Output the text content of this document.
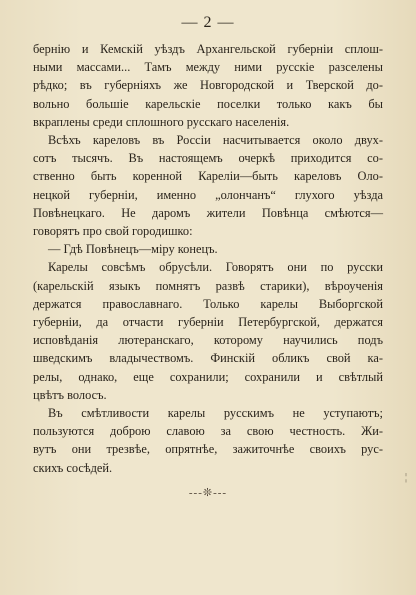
— 2 —
бернію и Кемскій уѣздъ Архангельской губерніи сплош-
ными массами... Тамъ между ними русскіе разселены
рѣдко; въ губерніяхъ же Новгородской и Тверской до-
вольно большіе карельскіе поселки только какъ бы
вкраплены среди сплошного русскаго населенія.
Всѣхъ кареловъ въ Россіи насчитывается около двух-
сотъ тысячъ. Въ настоящемъ очеркѣ приходится со-
ственно быть коренной Кареліи—быть кареловъ Оло-
нецкой губерніи, именно „олончанъ“ глухого уѣзда
Повѣнецкаго. Не даромъ жители Повѣнца смѣются—
говорятъ про свой городишко:
— Гдѣ Повѣнецъ—міру конецъ.
Карелы совсѣмъ обрусѣли. Говорятъ они по русски
(карельскій языкъ помнятъ развѣ старики), вѣроученія
держатся православнаго. Только карелы Выборгской
губерніи, да отчасти губерніи Петербургской, держатся
исповѣданія лютеранскаго, которому научились подъ
шведскимъ владычествомъ. Финскій обликъ свой ка-
релы, однако, еще сохранили; сохранили и свѣтлый
цвѣтъ волосъ.
Въ смѣтливости карелы русскимъ не уступаютъ;
пользуются доброю славою за свою честность. Жи-
вутъ они трезвѣе, опрятнѣе, зажиточнѣе своихъ рус-
скихъ сосѣдей.
¦
---❊---
